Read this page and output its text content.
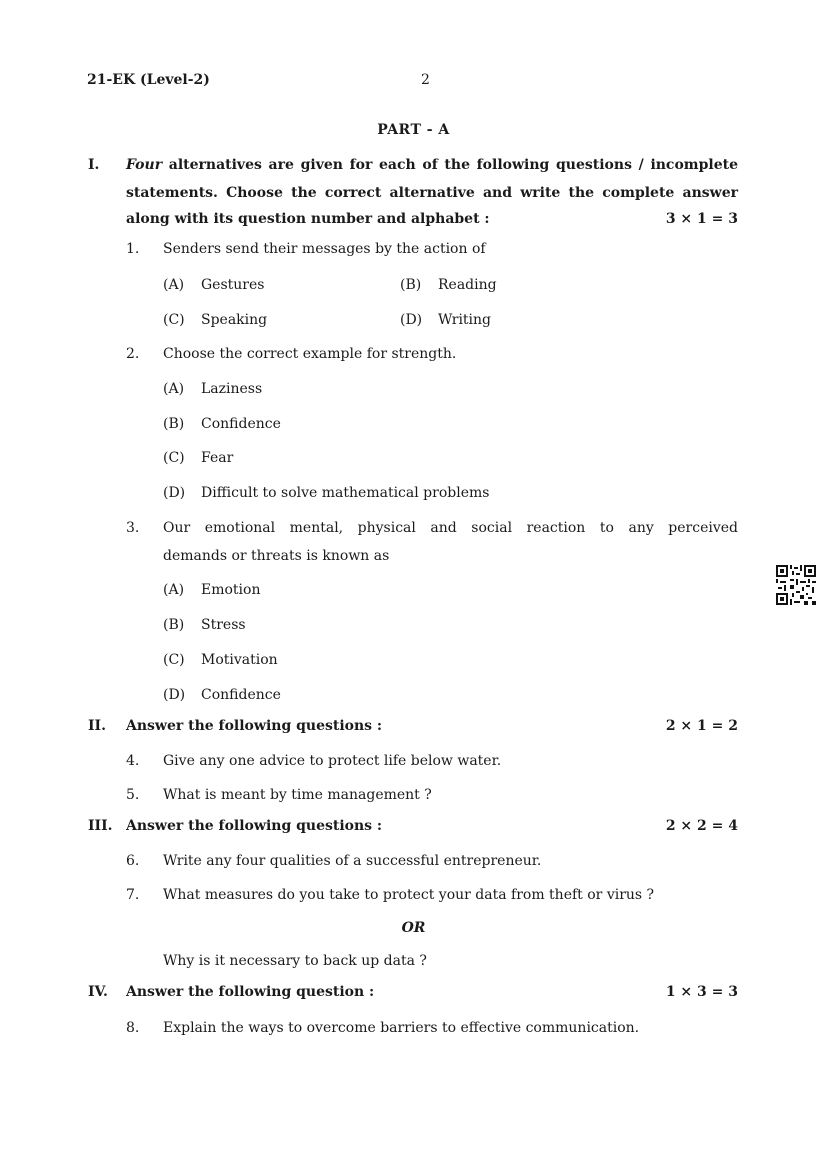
21-EK (Level-2)	2
PART - A
I. Four alternatives are given for each of the following questions / incomplete
statements. Choose the correct alternative and write the complete answer
along with its question number and alphabet :	3 × 1 = 3
1. Senders send their messages by the action of
(A) Gestures	(B) Reading
(C) Speaking	(D) Writing
2. Choose the correct example for strength.
(A) Laziness
(B) Confidence
(C) Fear
(D) Difficult to solve mathematical problems
3. Our emotional mental, physical and social reaction to any perceived
demands or threats is known as
(A) Emotion
(B) Stress
(C) Motivation
(D) Confidence
II. Answer the following questions :	2 × 1 = 2
4. Give any one advice to protect life below water.
5. What is meant by time management ?
III. Answer the following questions :	2 × 2 = 4
6. Write any four qualities of a successful entrepreneur.
7. What measures do you take to protect your data from theft or virus ?
OR
Why is it necessary to back up data ?
IV. Answer the following question :	1 × 3 = 3
8. Explain the ways to overcome barriers to effective communication.
